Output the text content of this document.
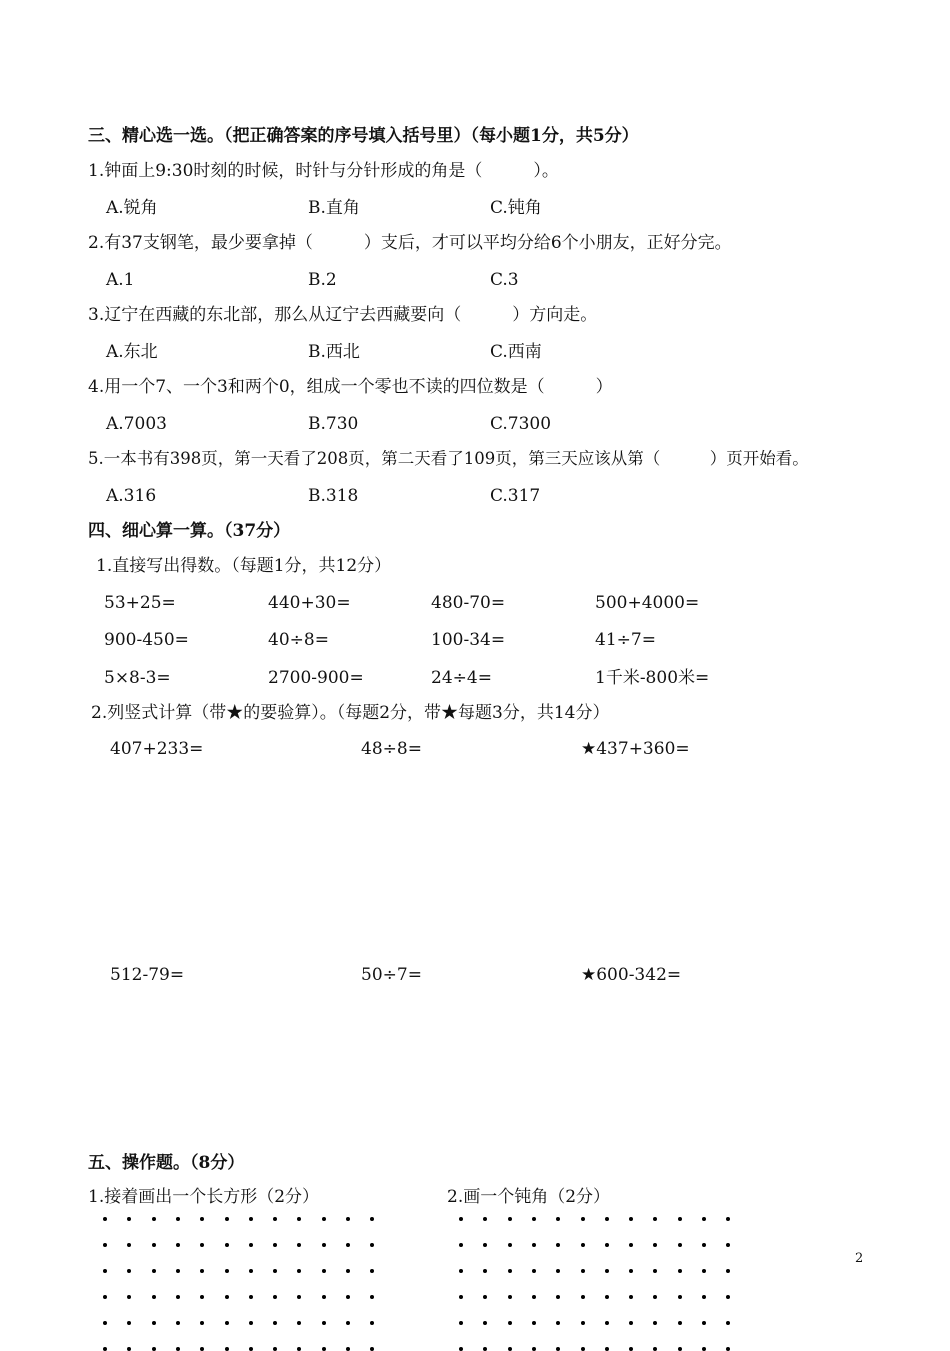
三、精心选一选。（把正确答案的序号填入括号里）（每小题1分，共5分）
1.钟面上9:30时刻的时候，时针与分针形成的角是（　　　）。
A.锐角	B.直角	C.钝角
2.有37支钢笔，最少要拿掉（　　　）支后，才可以平均分给6个小朋友，正好分完。
A.1	B.2	C.3
3.辽宁在西藏的东北部，那么从辽宁去西藏要向（　　　）方向走。
A.东北	B.西北	C.西南
4.用一个7、一个3和两个0，组成一个零也不读的四位数是（　　　）
A.7003	B.730	C.7300
5.一本书有398页，第一天看了208页，第二天看了109页，第三天应该从第（　　　）页开始看。
A.316	B.318	C.317
四、细心算一算。（37分）
1.直接写出得数。（每题1分，共12分）
53+25=	440+30=	480-70=	500+4000=
900-450=	40÷8=	100-34=	41÷7=
5×8-3=	2700-900=	24÷4=	1千米-800米=
2.列竖式计算（带★的要验算）。（每题2分，带★每题3分，共14分）
407+233=	48÷8=	★437+360=
512-79=	50÷7=	★600-342=
五、操作题。（8分）
1.接着画出一个长方形（2分）	2.画一个钝角（2分）
2
